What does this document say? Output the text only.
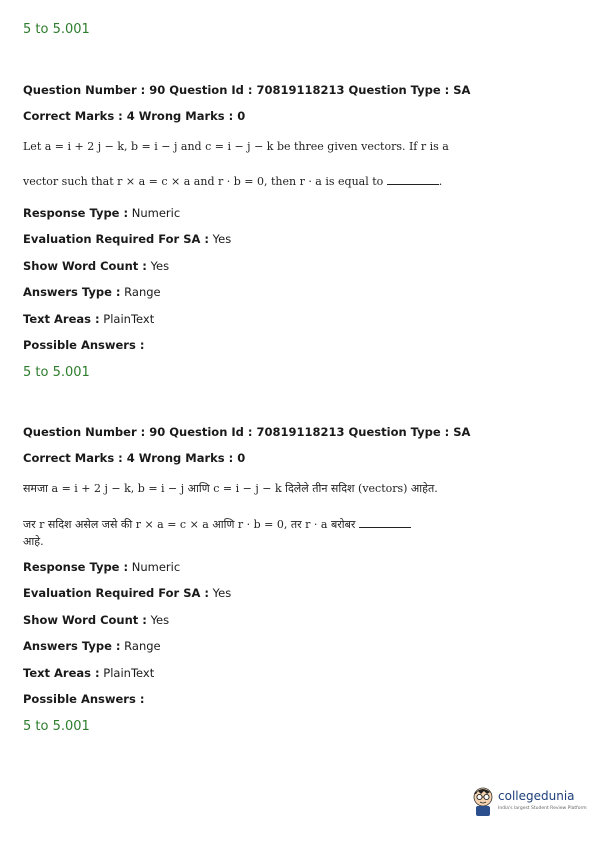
5 to 5.001
Question Number : 90 Question Id : 70819118213 Question Type : SA
Correct Marks : 4 Wrong Marks : 0
Let a = i + 2 j − k, b = i − j and c = i − j − k be three given vectors. If r is a
vector such that r × a = c × a and r · b = 0, then r · a is equal to	.
Response Type : Numeric
Evaluation Required For SA : Yes
Show Word Count : Yes
Answers Type : Range
Text Areas : PlainText
Possible Answers :
5 to 5.001
Question Number : 90 Question Id : 70819118213 Question Type : SA
Correct Marks : 4 Wrong Marks : 0
समजा a = i + 2 j − k, b = i − j आणि c = i − j − k दिलेले तीन सदिश (vectors) आहेत.
जर r सदिश असेल जसे की r × a = c × a आणि r · b = 0, तर r · a बरोबर
आहे.
Response Type : Numeric
Evaluation Required For SA : Yes
Show Word Count : Yes
Answers Type : Range
Text Areas : PlainText
Possible Answers :
5 to 5.001
collegedunia
India's largest Student Review Platform
